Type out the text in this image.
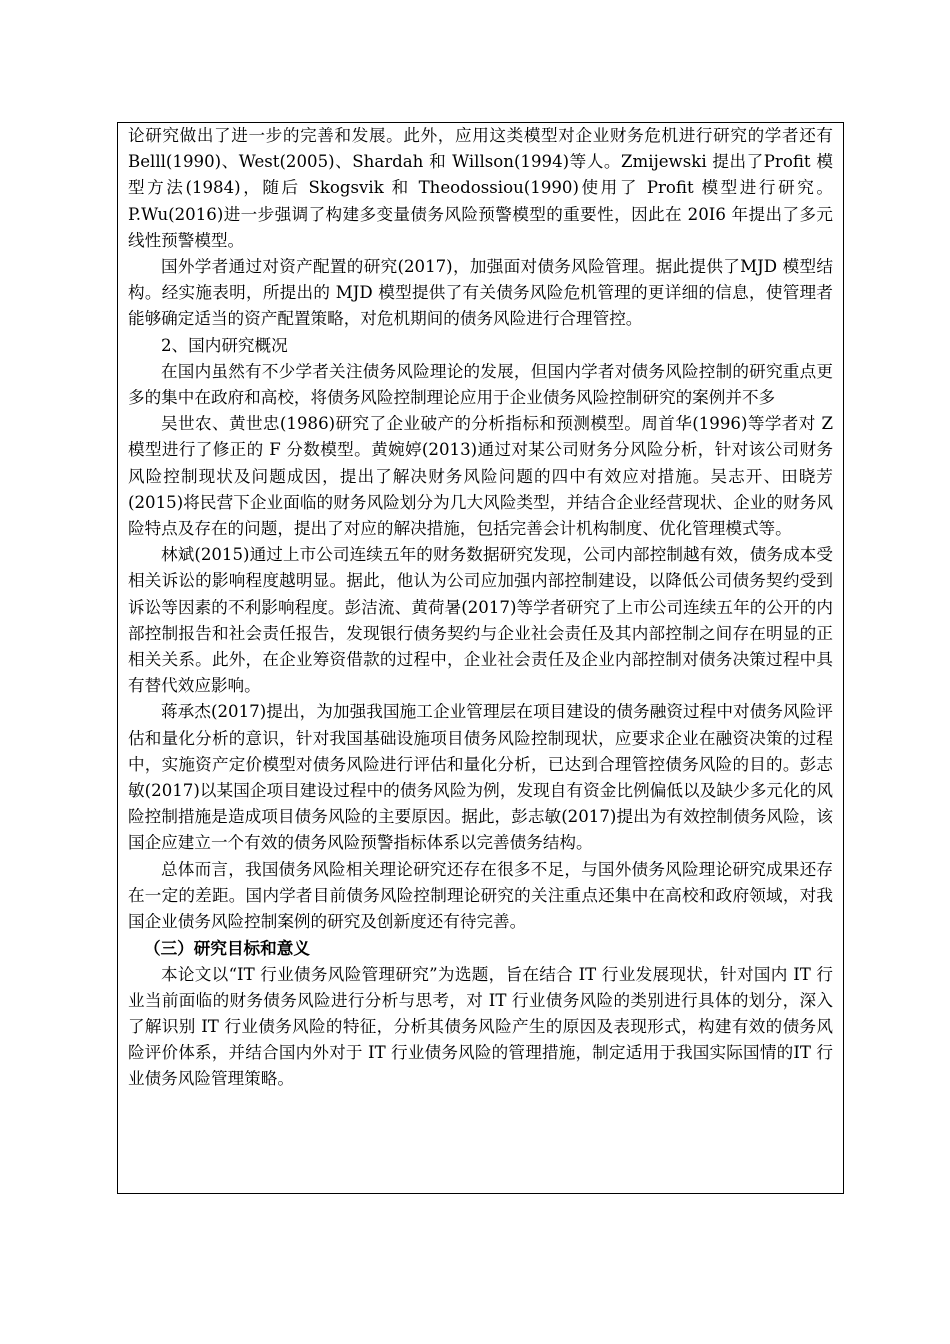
论研究做出了进一步的完善和发展。此外，应用这类模型对企业财务危机进行研究的学者还有 Belll(1990)、West(2005)、Shardah 和 Willson(1994)等人。Zmijewski 提出了Profit 模型方法(1984)，随后 Skogsvik 和 Theodossiou(1990)使用了 Profit 模型进行研究。P.Wu(2016)进一步强调了构建多变量债务风险预警模型的重要性，因此在 20I6 年提出了多元线性预警模型。

国外学者通过对资产配置的研究(2017)，加强面对债务风险管理。据此提供了MJD 模型结构。经实施表明，所提出的 MJD 模型提供了有关债务风险危机管理的更详细的信息，使管理者能够确定适当的资产配置策略，对危机期间的债务风险进行合理管控。

2、国内研究概况

在国内虽然有不少学者关注债务风险理论的发展，但国内学者对债务风险控制的研究重点更多的集中在政府和高校，将债务风险控制理论应用于企业债务风险控制研究的案例并不多

吴世农、黄世忠(1986)研究了企业破产的分析指标和预测模型。周首华(1996)等学者对 Z 模型进行了修正的 F 分数模型。黄婉婷(2013)通过对某公司财务分风险分析，针对该公司财务风险控制现状及问题成因，提出了解决财务风险问题的四中有效应对措施。吴志开、田晓芳(2015)将民营下企业面临的财务风险划分为几大风险类型，并结合企业经营现状、企业的财务风险特点及存在的问题，提出了对应的解决措施，包括完善会计机构制度、优化管理模式等。

林斌(2015)通过上市公司连续五年的财务数据研究发现，公司内部控制越有效，债务成本受相关诉讼的影响程度越明显。据此，他认为公司应加强内部控制建设，以降低公司债务契约受到诉讼等因素的不利影响程度。彭洁流、黄荷暑(2017)等学者研究了上市公司连续五年的公开的内部控制报告和社会责任报告，发现银行债务契约与企业社会责任及其内部控制之间存在明显的正相关关系。此外，在企业筹资借款的过程中，企业社会责任及企业内部控制对债务决策过程中具有替代效应影响。

蒋承杰(2017)提出，为加强我国施工企业管理层在项目建设的债务融资过程中对债务风险评估和量化分析的意识，针对我国基础设施项目债务风险控制现状，应要求企业在融资决策的过程中，实施资产定价模型对债务风险进行评估和量化分析，已达到合理管控债务风险的目的。彭志敏(2017)以某国企项目建设过程中的债务风险为例，发现自有资金比例偏低以及缺少多元化的风险控制措施是造成项目债务风险的主要原因。据此，彭志敏(2017)提出为有效控制债务风险，该国企应建立一个有效的债务风险预警指标体系以完善债务结构。

总体而言，我国债务风险相关理论研究还存在很多不足，与国外债务风险理论研究成果还存在一定的差距。国内学者目前债务风险控制理论研究的关注重点还集中在高校和政府领域，对我国企业债务风险控制案例的研究及创新度还有待完善。

（三）研究目标和意义

本论文以“IT 行业债务风险管理研究”为选题，旨在结合 IT 行业发展现状，针对国内 IT 行业当前面临的财务债务风险进行分析与思考，对 IT 行业债务风险的类别进行具体的划分，深入了解识别 IT 行业债务风险的特征，分析其债务风险产生的原因及表现形式，构建有效的债务风险评价体系，并结合国内外对于 IT 行业债务风险的管理措施，制定适用于我国实际国情的IT 行业债务风险管理策略。
